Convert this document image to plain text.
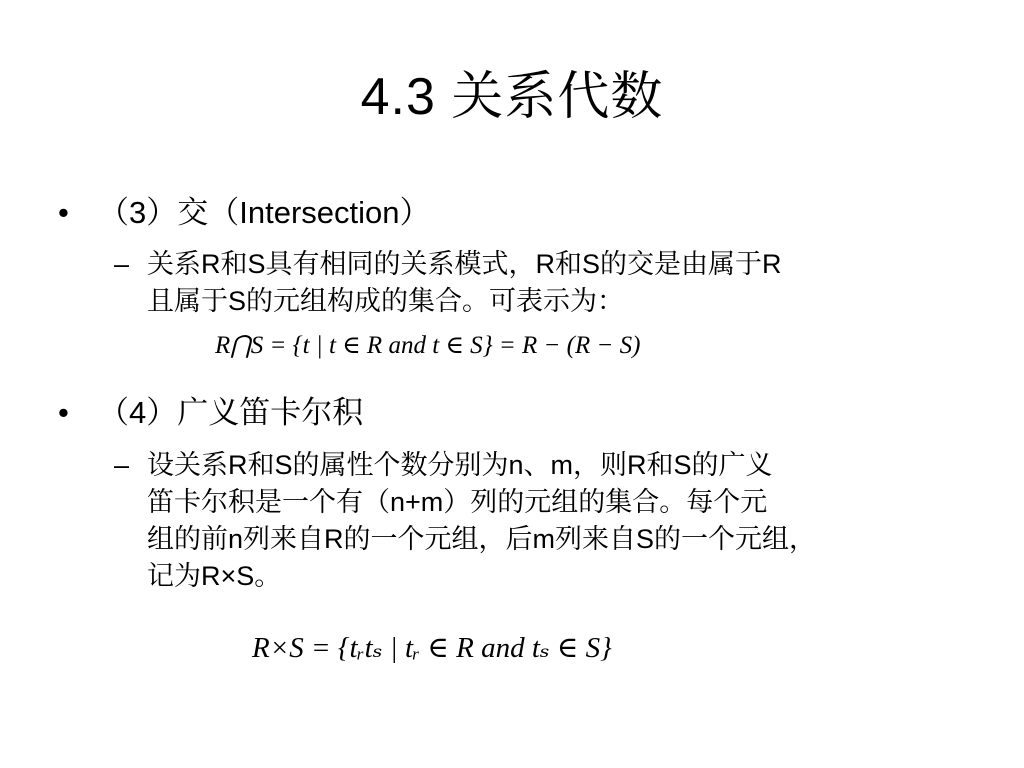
4.3 关系代数
• （3）交（Intersection）
– 关系R和S具有相同的关系模式，R和S的交是由属于R
且属于S的元组构成的集合。可表示为：
R⋂S = {t | t ∈ R and t ∈ S} = R − (R − S)
• （4）广义笛卡尔积
– 设关系R和S的属性个数分别为n、m，则R和S的广义
笛卡尔积是一个有（n+m）列的元组的集合。每个元
组的前n列来自R的一个元组，后m列来自S的一个元组，
记为R×S。
R×S = {tᵣtₛ | tᵣ ∈ R and tₛ ∈ S}
